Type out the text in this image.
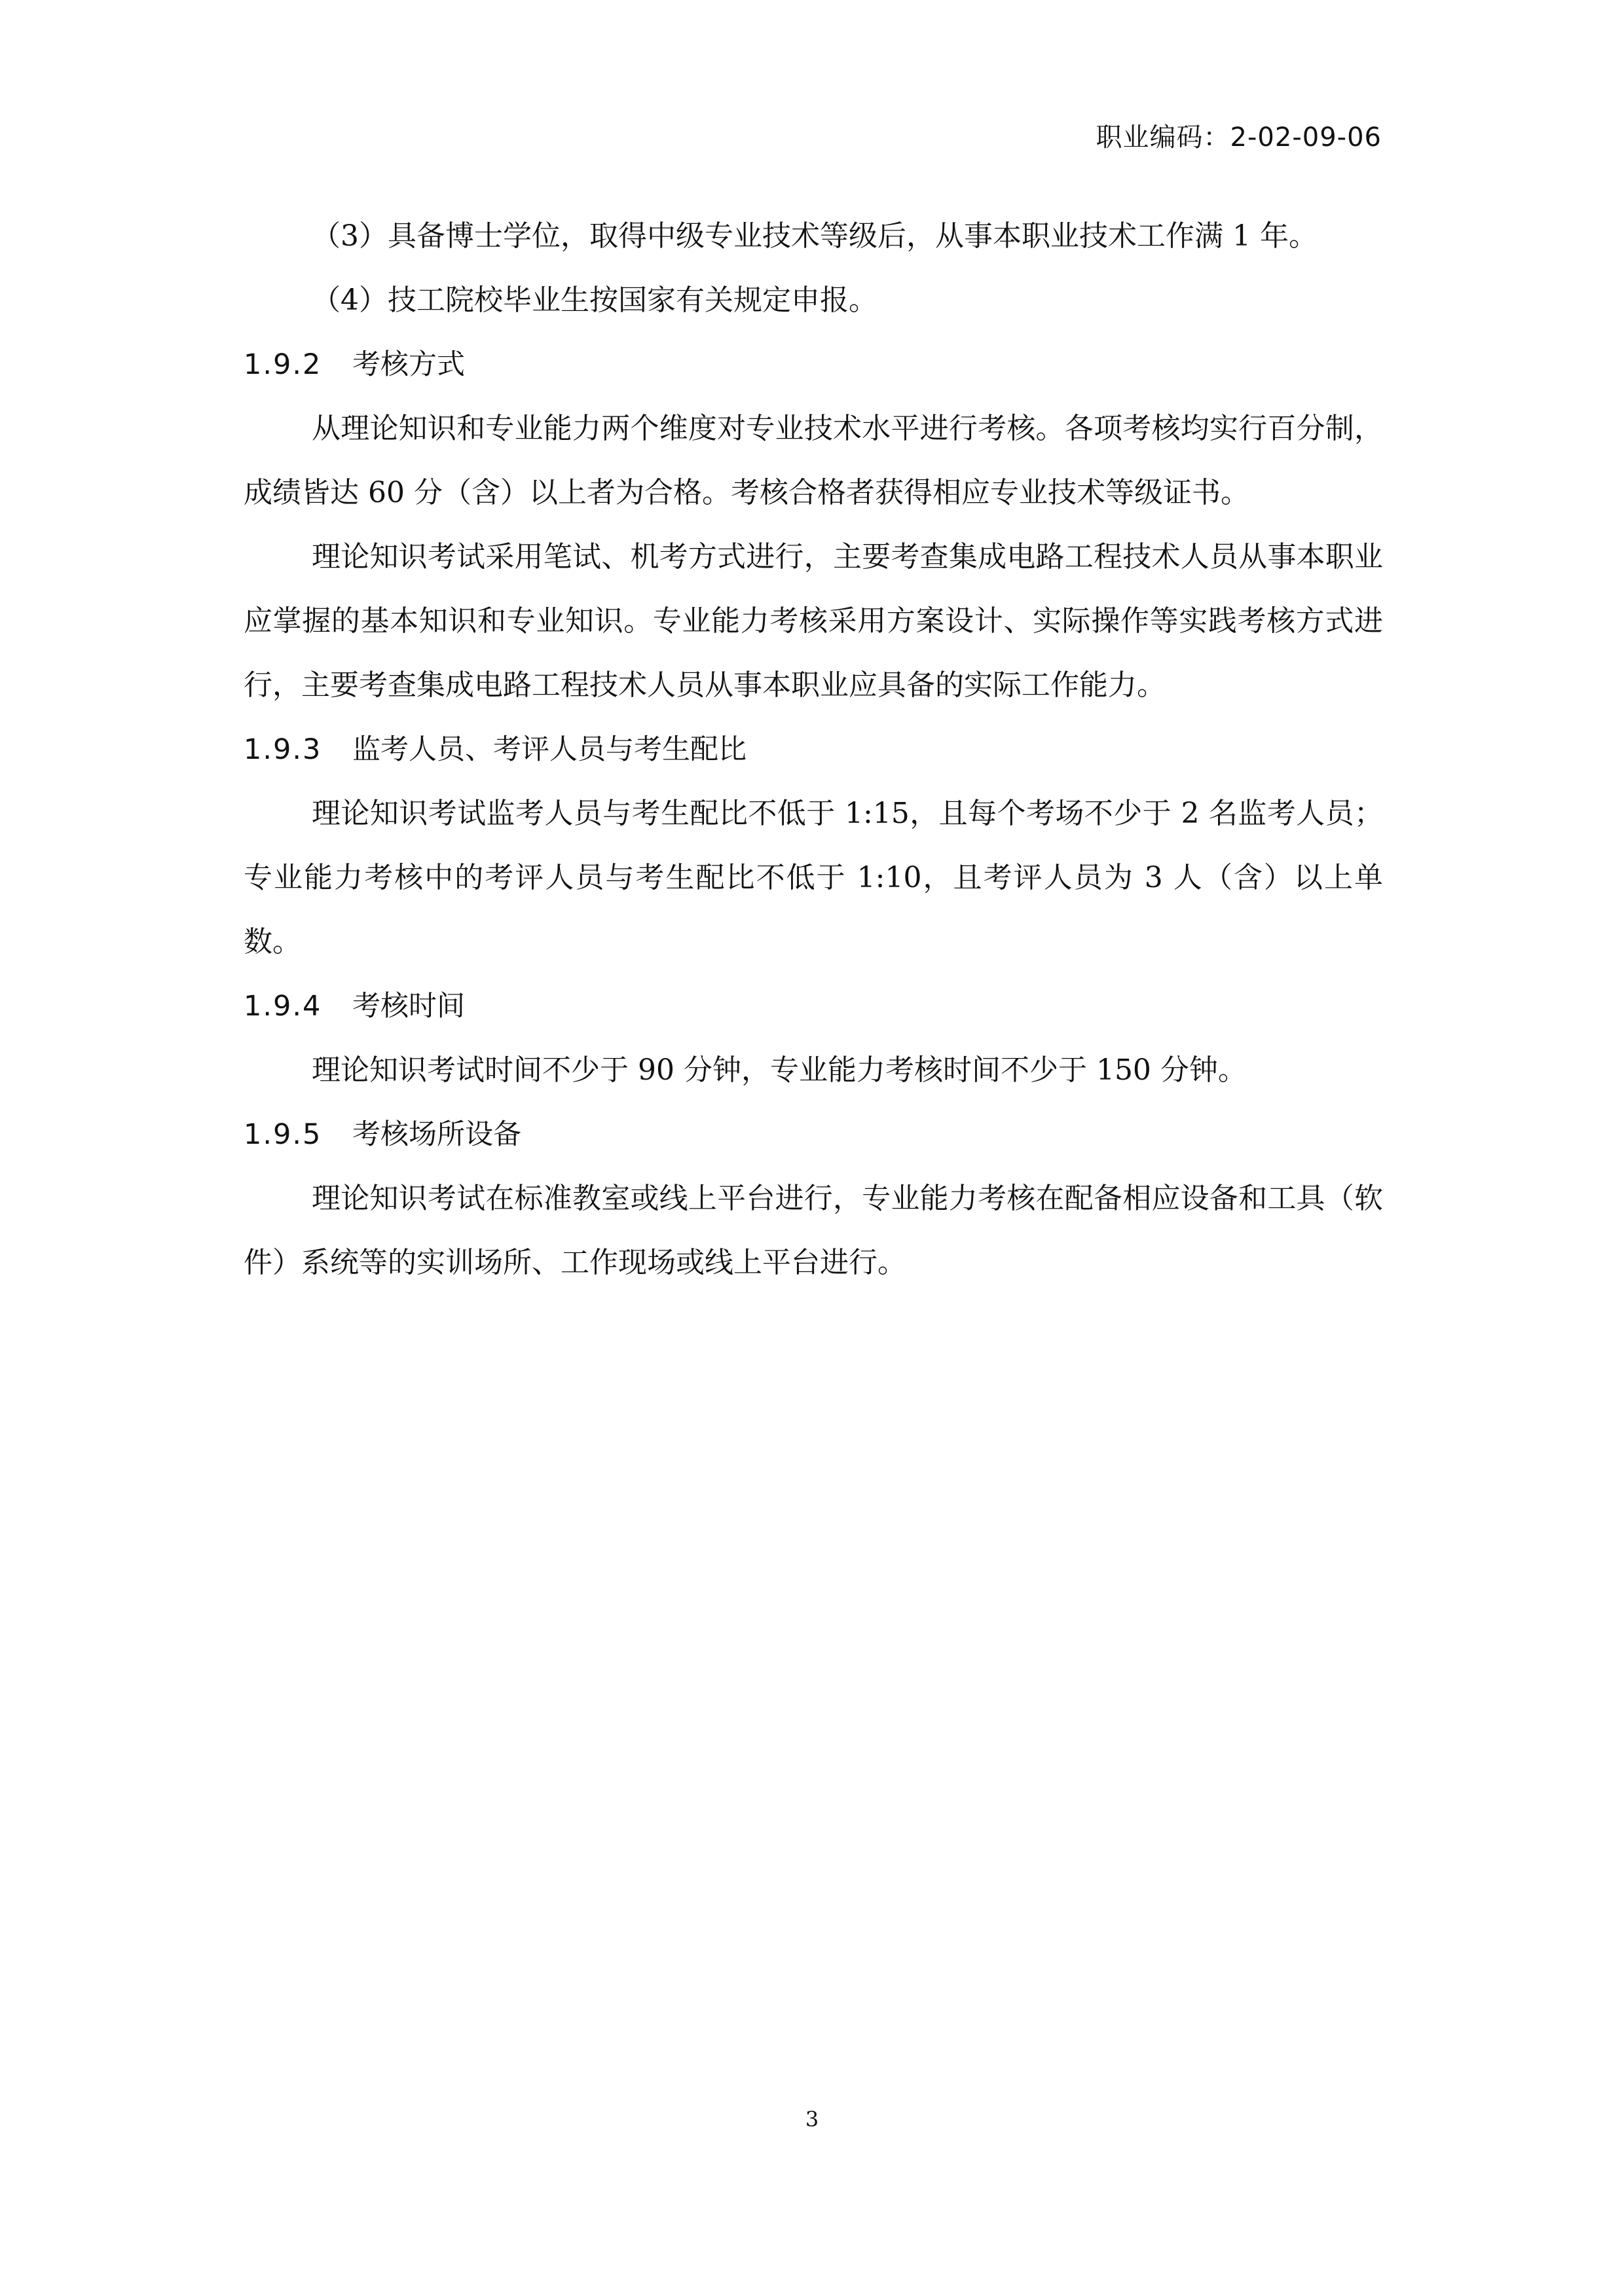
职业编码：2-02-09-06

（3）具备博士学位，取得中级专业技术等级后，从事本职业技术工作满 1 年。

（4）技工院校毕业生按国家有关规定申报。

1.9.2 考核方式

从理论知识和专业能力两个维度对专业技术水平进行考核。各项考核均实行百分制，成绩皆达 60 分（含）以上者为合格。考核合格者获得相应专业技术等级证书。

理论知识考试采用笔试、机考方式进行，主要考查集成电路工程技术人员从事本职业应掌握的基本知识和专业知识。专业能力考核采用方案设计、实际操作等实践考核方式进行，主要考查集成电路工程技术人员从事本职业应具备的实际工作能力。

1.9.3 监考人员、考评人员与考生配比

理论知识考试监考人员与考生配比不低于 1:15，且每个考场不少于 2 名监考人员；专业能力考核中的考评人员与考生配比不低于 1:10，且考评人员为 3 人（含）以上单数。

1.9.4 考核时间

理论知识考试时间不少于 90 分钟，专业能力考核时间不少于 150 分钟。

1.9.5 考核场所设备

理论知识考试在标准教室或线上平台进行，专业能力考核在配备相应设备和工具（软件）系统等的实训场所、工作现场或线上平台进行。

3
